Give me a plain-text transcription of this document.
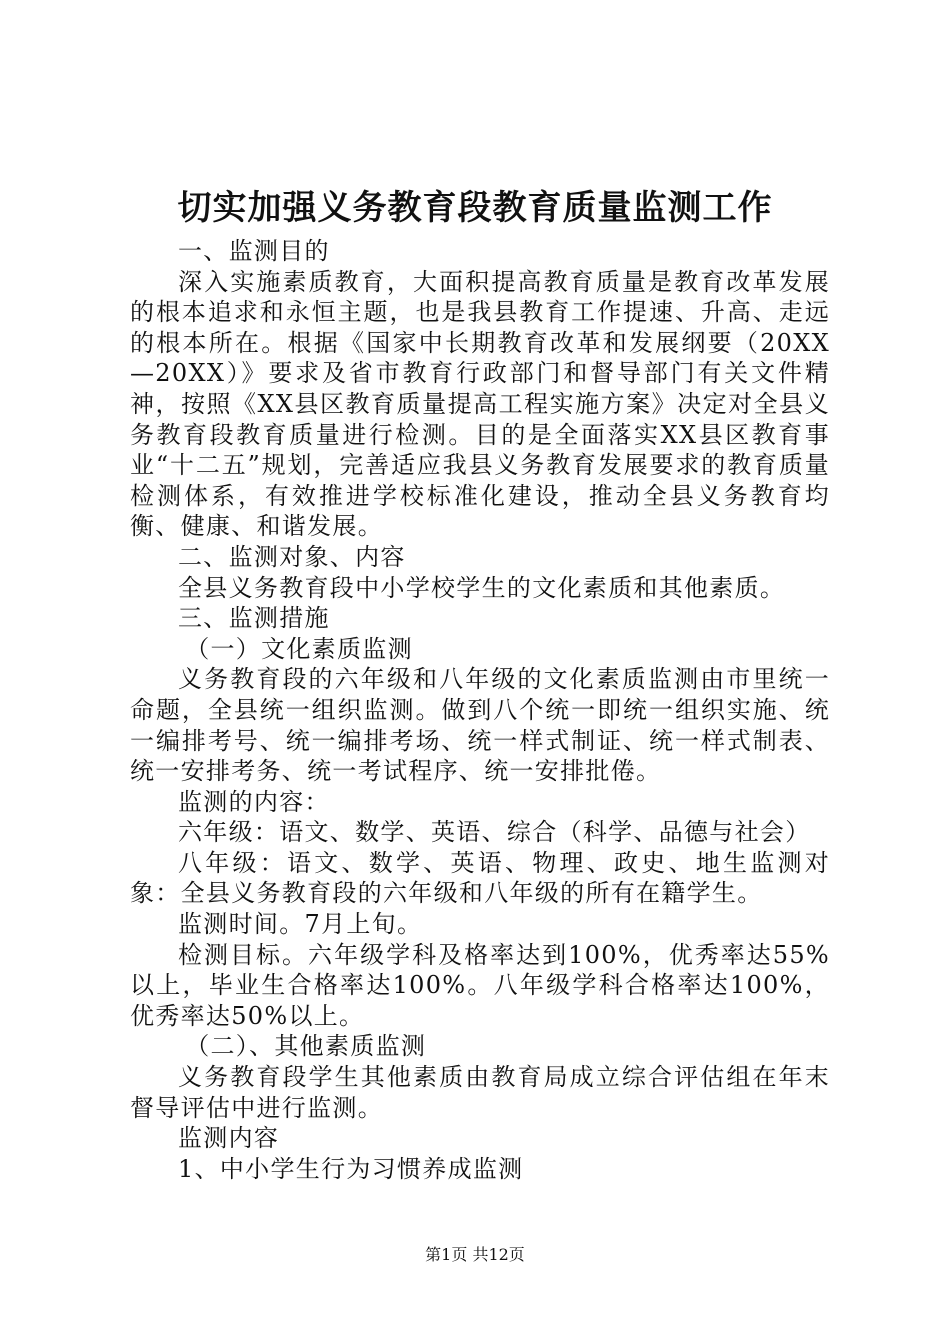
切实加强义务教育段教育质量监测工作

一、监测目的

深入实施素质教育，大面积提高教育质量是教育改革发展的根本追求和永恒主题，也是我县教育工作提速、升高、走远的根本所在。根据《国家中长期教育改革和发展纲要（20XX—20XX）》要求及省市教育行政部门和督导部门有关文件精神，按照《XX县区教育质量提高工程实施方案》决定对全县义务教育段教育质量进行检测。目的是全面落实XX县区教育事业“十二五”规划，完善适应我县义务教育发展要求的教育质量检测体系，有效推进学校标准化建设，推动全县义务教育均衡、健康、和谐发展。

二、监测对象、内容

全县义务教育段中小学校学生的文化素质和其他素质。

三、监测措施

（一）文化素质监测

义务教育段的六年级和八年级的文化素质监测由市里统一命题，全县统一组织监测。做到八个统一即统一组织实施、统一编排考号、统一编排考场、统一样式制证、统一样式制表、统一安排考务、统一考试程序、统一安排批倦。

监测的内容：

六年级：语文、数学、英语、综合（科学、品德与社会）

八年级：语文、数学、英语、物理、政史、地生监测对象：全县义务教育段的六年级和八年级的所有在籍学生。

监测时间。7月上旬。

检测目标。六年级学科及格率达到100%，优秀率达55%以上，毕业生合格率达100%。八年级学科合格率达100%，优秀率达50%以上。

（二）、其他素质监测

义务教育段学生其他素质由教育局成立综合评估组在年末督导评估中进行监测。

监测内容

1、中小学生行为习惯养成监测

第1页 共12页
